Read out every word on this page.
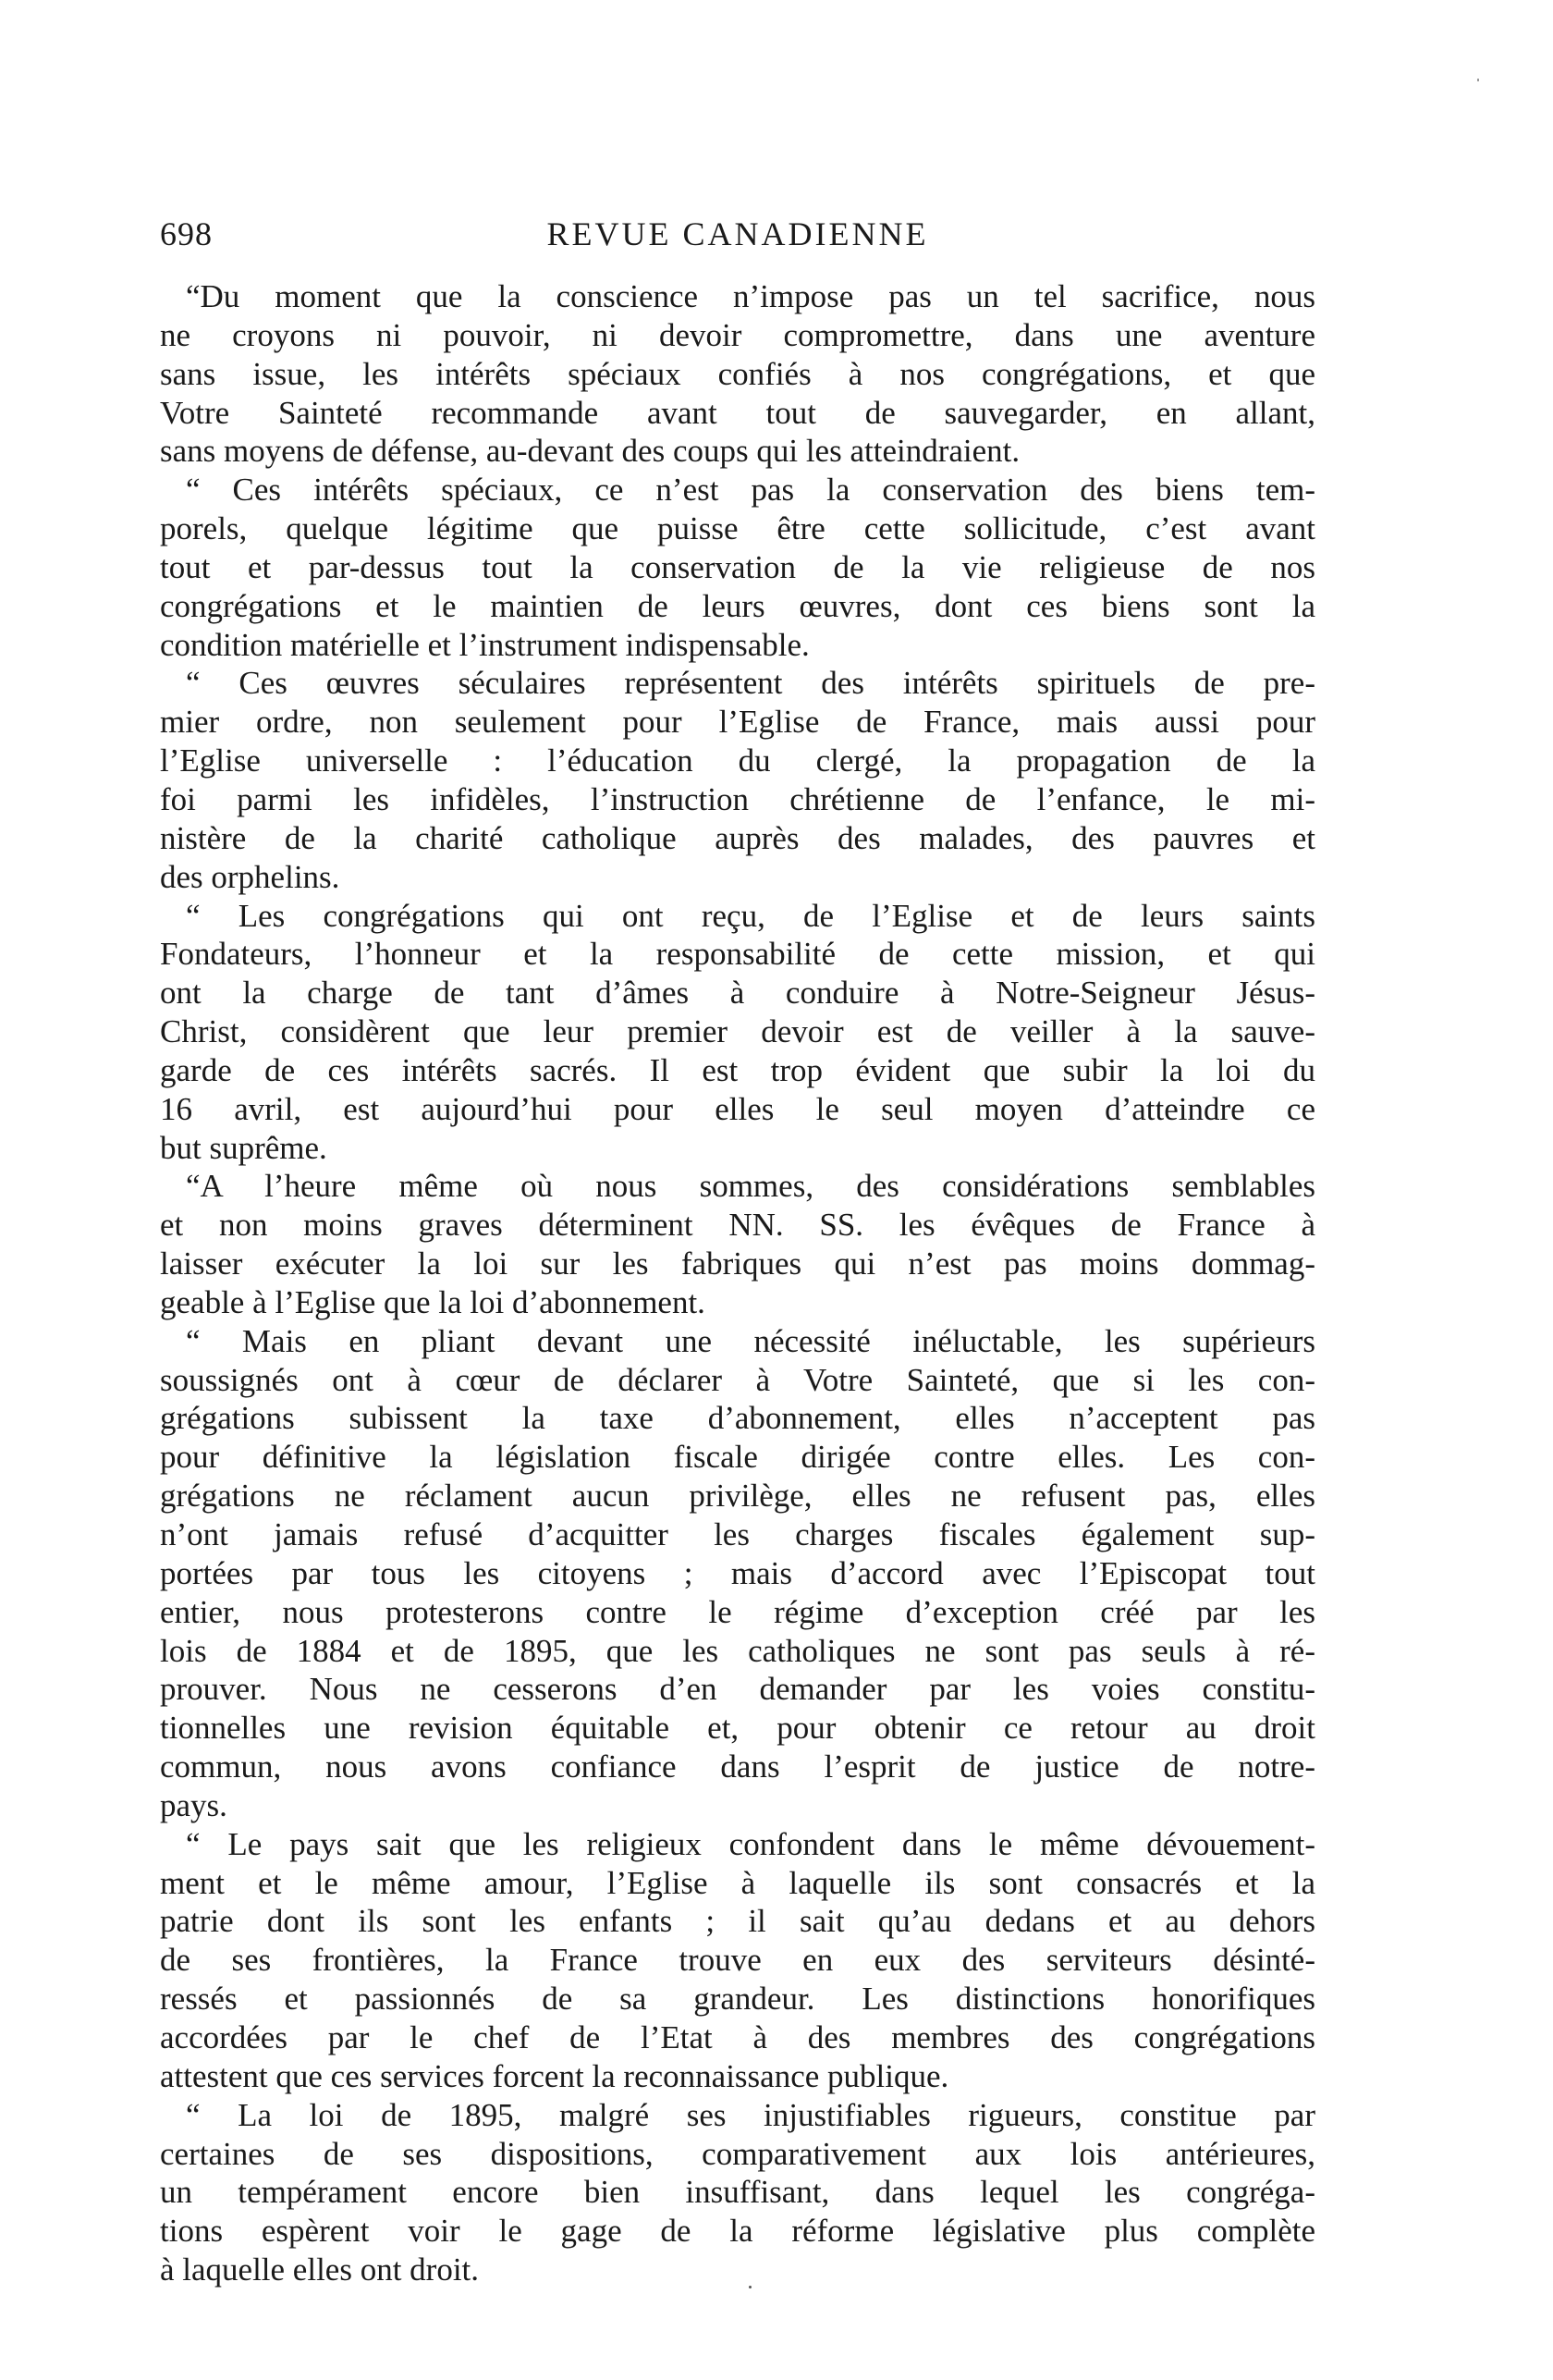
698	REVUE CANADIENNE
“Du moment que la conscience n’impose pas un tel sacrifice, nous
ne croyons ni pouvoir, ni devoir compromettre, dans une aventure
sans issue, les intérêts spéciaux confiés à nos congrégations, et que
Votre Sainteté recommande avant tout de sauvegarder, en allant,
sans moyens de défense, au-devant des coups qui les atteindraient.
“ Ces intérêts spéciaux, ce n’est pas la conservation des biens tem-
porels, quelque légitime que puisse être cette sollicitude, c’est avant
tout et par-dessus tout la conservation de la vie religieuse de nos
congrégations et le maintien de leurs œuvres, dont ces biens sont la
condition matérielle et l’instrument indispensable.
“ Ces œuvres séculaires représentent des intérêts spirituels de pre-
mier ordre, non seulement pour l’Eglise de France, mais aussi pour
l’Eglise universelle : l’éducation du clergé, la propagation de la
foi parmi les infidèles, l’instruction chrétienne de l’enfance, le mi-
nistère de la charité catholique auprès des malades, des pauvres et
des orphelins.
“ Les congrégations qui ont reçu, de l’Eglise et de leurs saints
Fondateurs, l’honneur et la responsabilité de cette mission, et qui
ont la charge de tant d’âmes à conduire à Notre-Seigneur Jésus-
Christ, considèrent que leur premier devoir est de veiller à la sauve-
garde de ces intérêts sacrés. Il est trop évident que subir la loi du
16 avril, est aujourd’hui pour elles le seul moyen d’atteindre ce
but suprême.
“A l’heure même où nous sommes, des considérations semblables
et non moins graves déterminent NN. SS. les évêques de France à
laisser exécuter la loi sur les fabriques qui n’est pas moins dommag-
geable à l’Eglise que la loi d’abonnement.
“ Mais en pliant devant une nécessité inéluctable, les supérieurs
soussignés ont à cœur de déclarer à Votre Sainteté, que si les con-
grégations subissent la taxe d’abonnement, elles n’acceptent pas
pour définitive la législation fiscale dirigée contre elles. Les con-
grégations ne réclament aucun privilège, elles ne refusent pas, elles
n’ont jamais refusé d’acquitter les charges fiscales également sup-
portées par tous les citoyens ; mais d’accord avec l’Episcopat tout
entier, nous protesterons contre le régime d’exception créé par les
lois de 1884 et de 1895, que les catholiques ne sont pas seuls à ré-
prouver. Nous ne cesserons d’en demander par les voies constitu-
tionnelles une revision équitable et, pour obtenir ce retour au droit
commun, nous avons confiance dans l’esprit de justice de notre-
pays.
“ Le pays sait que les religieux confondent dans le même dévouement-
ment et le même amour, l’Eglise à laquelle ils sont consacrés et la
patrie dont ils sont les enfants ; il sait qu’au dedans et au dehors
de ses frontières, la France trouve en eux des serviteurs désinté-
ressés et passionnés de sa grandeur. Les distinctions honorifiques
accordées par le chef de l’Etat à des membres des congrégations
attestent que ces services forcent la reconnaissance publique.
“ La loi de 1895, malgré ses injustifiables rigueurs, constitue par
certaines de ses dispositions, comparativement aux lois antérieures,
un tempérament encore bien insuffisant, dans lequel les congréga-
tions espèrent voir le gage de la réforme législative plus complète
à laquelle elles ont droit.
